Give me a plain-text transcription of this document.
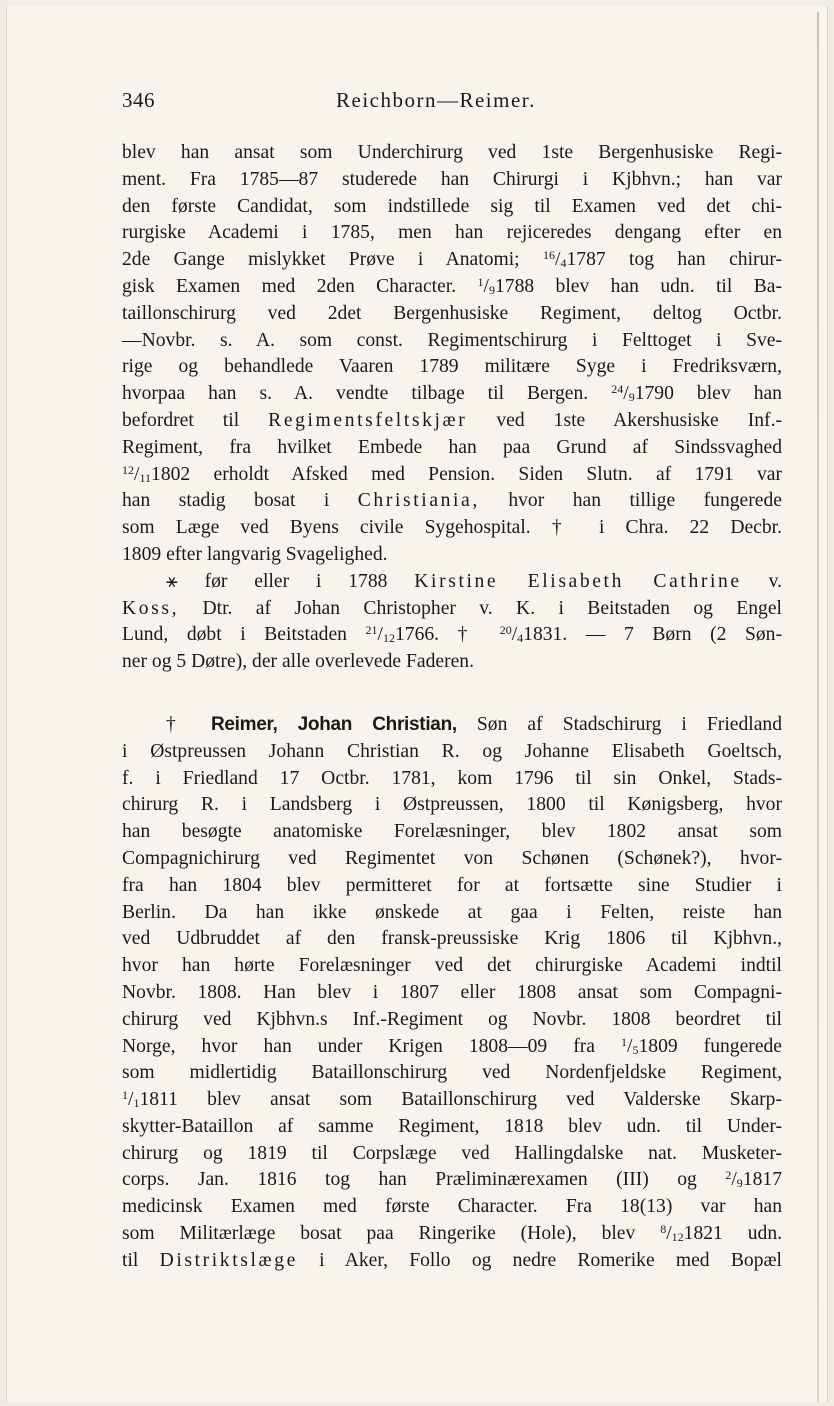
346	Reichborn—Reimer.
blev han ansat som Underchirurg ved 1ste Bergenhusiske Regi-
ment. Fra 1785—87 studerede han Chirurgi i Kjbhvn.; han var
den første Candidat, som indstillede sig til Examen ved det chi-
rurgiske Academi i 1785, men han rejiceredes dengang efter en
2de Gange mislykket Prøve i Anatomi; $^{16}/_41787$ tog han chirur-
gisk Examen med 2den Character. $^1/_91788$ blev han udn. til Ba-
taillonschirurg ved 2det Bergenhusiske Regiment, deltog Octbr.
—Novbr. s. A. som const. Regimentschirurg i Felttoget i Sve-
rige og behandlede Vaaren 1789 militære Syge i Fredriksværn,
hvorpaa han s. A. vendte tilbage til Bergen. $^{24}/_91790$ blev han
befordret til Regimentsfeltskjær ved 1ste Akershusiske Inf.-
Regiment, fra hvilket Embede han paa Grund af Sindssvaghed
$^{12}/_{11}1802$ erholdt Afsked med Pension. Siden Slutn. af 1791 var
han stadig bosat i Christiania, hvor han tillige fungerede
som Læge ved Byens civile Sygehospital. † i Chra. 22 Decbr.
1809 efter langvarig Svagelighed.
⚹ før eller i 1788 Kirstine Elisabeth Cathrine v.
Koss, Dtr. af Johan Christopher v. K. i Beitstaden og Engel
Lund, døbt i Beitstaden $^{21}/_{12}1766$. † $^{20}/_41831$. — 7 Børn (2 Søn-
ner og 5 Døtre), der alle overlevede Faderen.
† Reimer, Johan Christian, Søn af Stadschirurg i Friedland
i Østpreussen Johann Christian R. og Johanne Elisabeth Goeltsch,
f. i Friedland 17 Octbr. 1781, kom 1796 til sin Onkel, Stads-
chirurg R. i Landsberg i Østpreussen, 1800 til Kønigsberg, hvor
han besøgte anatomiske Forelæsninger, blev 1802 ansat som
Compagnichirurg ved Regimentet von Schønen (Schønek?), hvor-
fra han 1804 blev permitteret for at fortsætte sine Studier i
Berlin. Da han ikke ønskede at gaa i Felten, reiste han
ved Udbruddet af den fransk-preussiske Krig 1806 til Kjbhvn.,
hvor han hørte Forelæsninger ved det chirurgiske Academi indtil
Novbr. 1808. Han blev i 1807 eller 1808 ansat som Compagni-
chirurg ved Kjbhvn.s Inf.-Regiment og Novbr. 1808 beordret til
Norge, hvor han under Krigen 1808—09 fra $^1/_51809$ fungerede
som midlertidig Bataillonschirurg ved Nordenfjeldske Regiment,
$^1/_11811$ blev ansat som Bataillonschirurg ved Valderske Skarp-
skytter-Bataillon af samme Regiment, 1818 blev udn. til Under-
chirurg og 1819 til Corpslæge ved Hallingdalske nat. Musketer-
corps. Jan. 1816 tog han Præliminærexamen (III) og $^2/_91817$
medicinsk Examen med første Character. Fra 18(13) var han
som Militærlæge bosat paa Ringerike (Hole), blev $^8/_{12}1821$ udn.
til Distriktslæge i Aker, Follo og nedre Romerike med Bopæl
